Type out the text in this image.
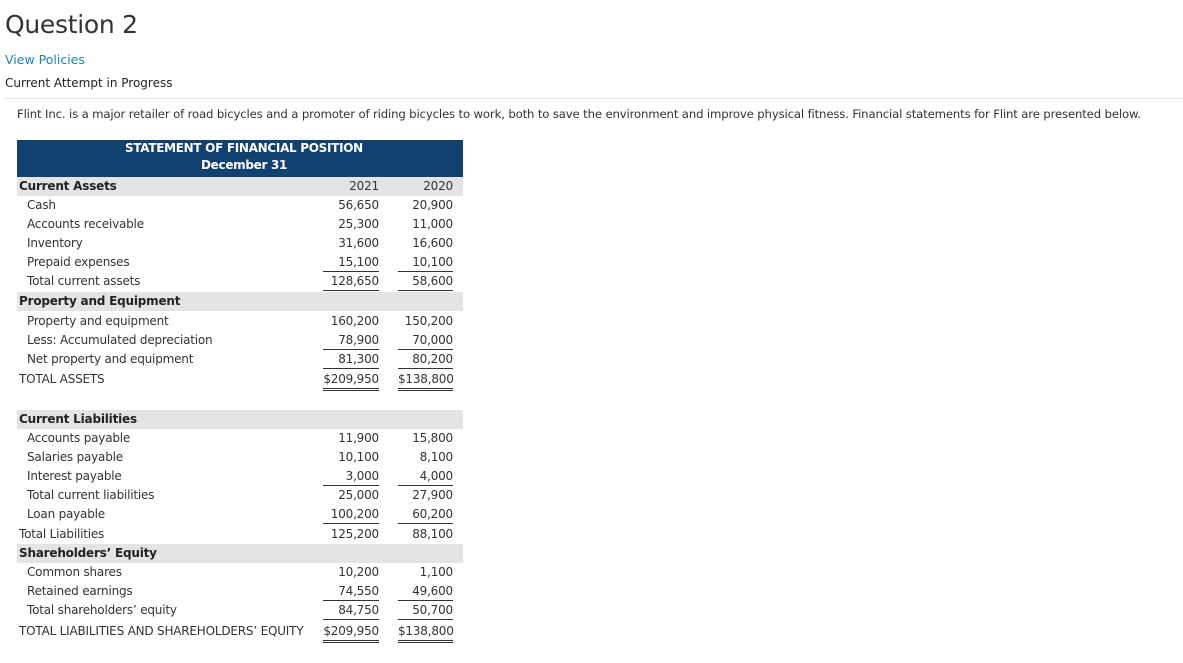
Question 2
View Policies
Current Attempt in Progress
Flint Inc. is a major retailer of road bicycles and a promoter of riding bicycles to work, both to save the environment and improve physical fitness. Financial statements for Flint are presented below.
STATEMENT OF FINANCIAL POSITION
December 31
Current Assets	2021	2020
Cash	56,650	20,900
Accounts receivable	25,300	11,000
Inventory	31,600	16,600
Prepaid expenses	15,100	10,100
Total current assets	128,650	58,600
Property and Equipment
Property and equipment	160,200	150,200
Less: Accumulated depreciation	78,900	70,000
Net property and equipment	81,300	80,200
TOTAL ASSETS	$209,950 $138,800
Current Liabilities
Accounts payable	11,900	15,800
Salaries payable	10,100	8,100
Interest payable	3,000	4,000
Total current liabilities	25,000	27,900
Loan payable	100,200	60,200
Total Liabilities	125,200	88,100
Shareholders’ Equity
Common shares	10,200	1,100
Retained earnings	74,550	49,600
Total shareholders’ equity	84,750	50,700
TOTAL LIABILITIES AND SHAREHOLDERS’ EQUITY $209,950 $138,800
